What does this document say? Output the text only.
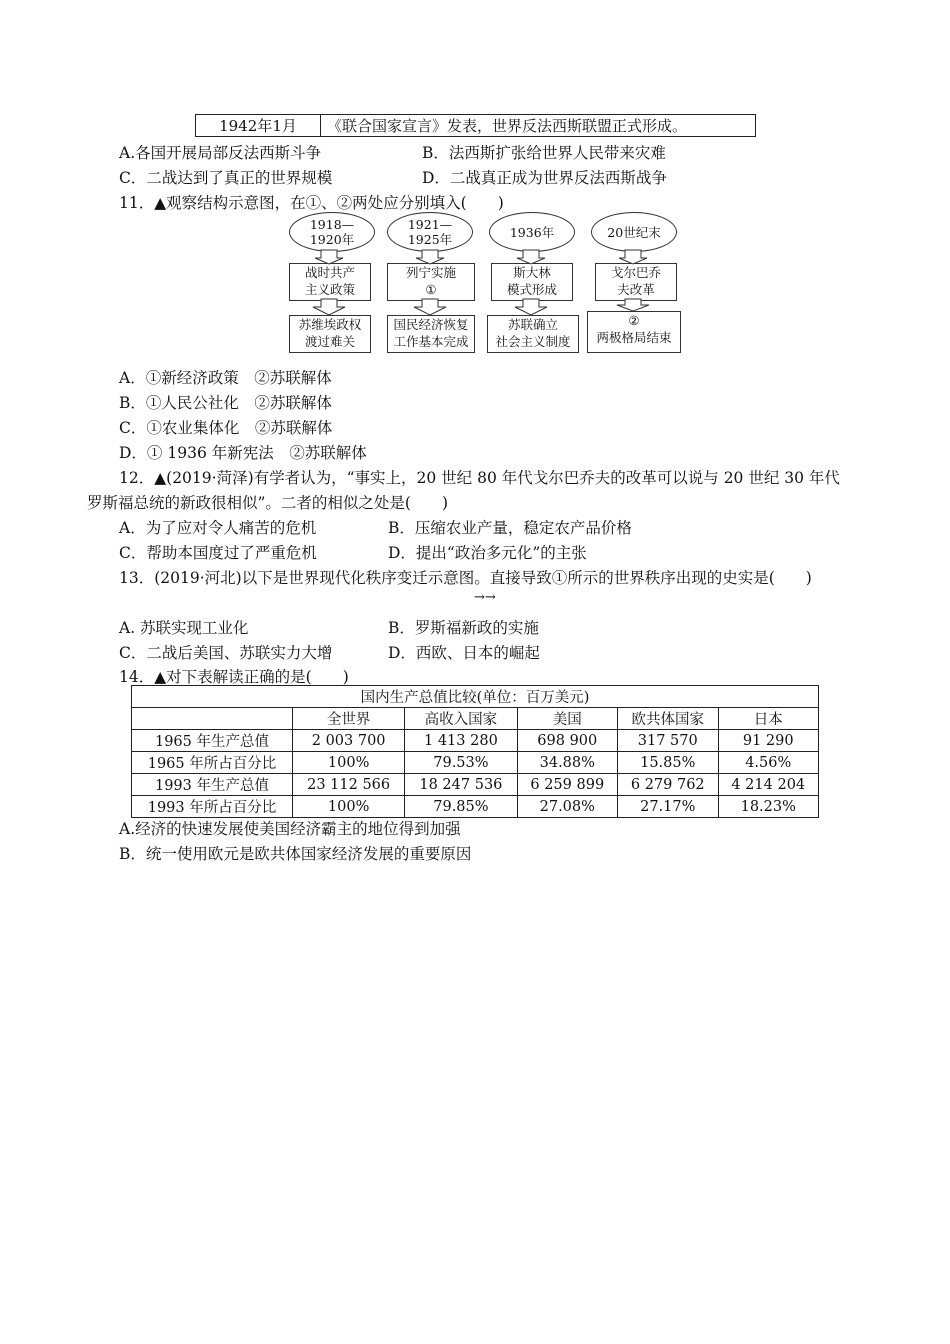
1942年1月	《联合国家宣言》发表，世界反法西斯联盟正式形成。
A.各国开展局部反法西斯斗争	B．法西斯扩张给世界人民带来灾难
C．二战达到了真正的世界规模	D．二战真正成为世界反法西斯战争
11．▲观察结构示意图，在①、②两处应分别填入(　　)
1918—
1920年
战时共产
主义政策
苏维埃政权
渡过难关
1921—
1925年
列宁实施
①
国民经济恢复
工作基本完成
1936年
斯大林
模式形成
苏联确立
社会主义制度
20世纪末
戈尔巴乔
夫改革
②
两极格局结束
A．①新经济政策　②苏联解体
B．①人民公社化　②苏联解体
C．①农业集体化　②苏联解体
D．① 1936 年新宪法　②苏联解体
12．▲(2019·菏泽)有学者认为，“事实上，20 世纪 80 年代戈尔巴乔夫的改革可以说与 20 世纪 30 年代
罗斯福总统的新政很相似”。二者的相似之处是(　　)
A．为了应对令人痛苦的危机	B．压缩农业产量，稳定农产品价格
C．帮助本国度过了严重危机	D．提出“政治多元化”的主张
13．(2019·河北)以下是世界现代化秩序变迁示意图。直接导致①所示的世界秩序出现的史实是(　　)
→→
A. 苏联实现工业化	B．罗斯福新政的实施
C．二战后美国、苏联实力大增	D．西欧、日本的崛起
14．▲对下表解读正确的是(　　)
国内生产总值比较(单位：百万美元)					
	全世界	高收入国家	美国	欧共体国家	日本
1965 年生产总值	2 003 700	1 413 280	698 900	317 570	91 290
1965 年所占百分比	100%	79.53%	34.88%	15.85%	4.56%
1993 年生产总值	23 112 566	18 247 536	6 259 899	6 279 762	4 214 204
1993 年所占百分比	100%	79.85%	27.08%	27.17%	18.23%
A.经济的快速发展使美国经济霸主的地位得到加强
B．统一使用欧元是欧共体国家经济发展的重要原因
